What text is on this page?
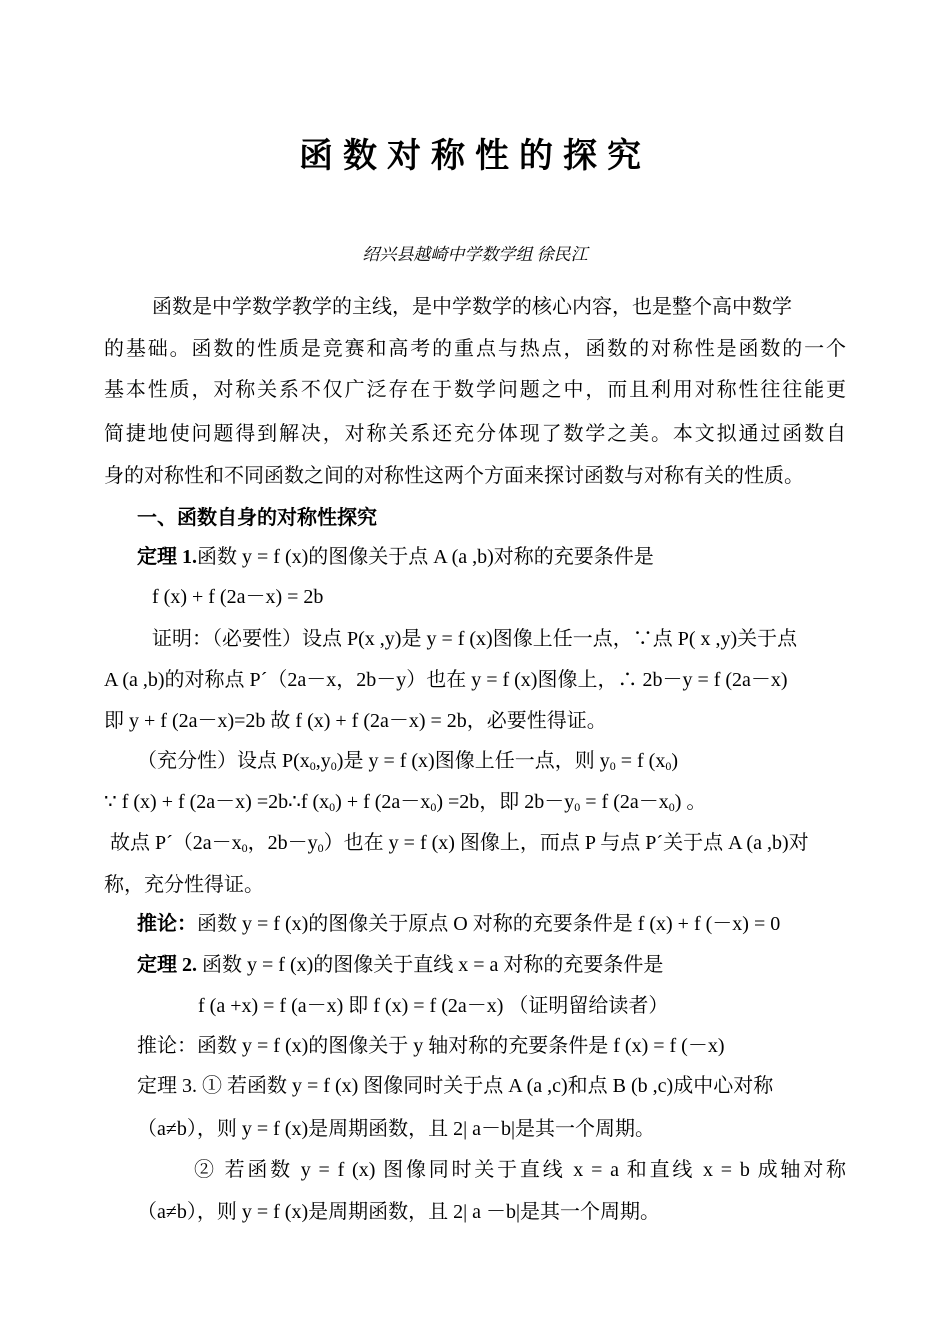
函数对称性的探究

绍兴县越崎中学数学组 徐民江

函数是中学数学教学的主线，是中学数学的核心内容，也是整个高中数学

的基础。函数的性质是竞赛和高考的重点与热点，函数的对称性是函数的一个

基本性质，对称关系不仅广泛存在于数学问题之中，而且利用对称性往往能更

简捷地使问题得到解决，对称关系还充分体现了数学之美。本文拟通过函数自

身的对称性和不同函数之间的对称性这两个方面来探讨函数与对称有关的性质。

一、函数自身的对称性探究

定理 1.函数 y = f (x)的图像关于点 A (a ,b)对称的充要条件是

f (x) + f (2a－x) = 2b

证明：（必要性）设点 P(x ,y)是 y = f (x)图像上任一点，∵点 P( x ,y)关于点

A (a ,b)的对称点 P´（2a－x，2b－y）也在 y = f (x)图像上，∴ 2b－y = f (2a－x)

即 y + f (2a－x)=2b 故 f (x) + f (2a－x) = 2b，必要性得证。

（充分性）设点 $P(x_0,y_0)$是 y = f (x)图像上任一点，则 $y_0 = f$ $(x_0)$

∵ f (x) + f (2a－x) =2b∴f $(x_0) + f$ $(2a-x_0) =2b$，即 $2b-y_0 = f$ $(2a-x_0)$ 。

故点 $P´(2a-x_0$，$2b-y_0$）也在 y = f (x) 图像上，而点 P 与点 P´关于点 A (a ,b)对

称，充分性得证。

推论：函数 y = f (x)的图像关于原点 O 对称的充要条件是 f (x) + f (－x) = 0

定理 2. 函数 y = f (x)的图像关于直线 x = a 对称的充要条件是

f (a +x) = f (a－x) 即 f (x) = f (2a－x) （证明留给读者）

推论：函数 y = f (x)的图像关于 y 轴对称的充要条件是 f (x) = f (－x)

定理 3. ① 若函数 y = f (x) 图像同时关于点 A (a ,c)和点 B (b ,c)成中心对称

（a≠b），则 y = f (x)是周期函数，且 2| a－b|是其一个周期。

② 若函数 y = f (x) 图像同时关于直线 x = a 和直线 x = b 成轴对称

（a≠b），则 y = f (x)是周期函数，且 2| a －b|是其一个周期。
